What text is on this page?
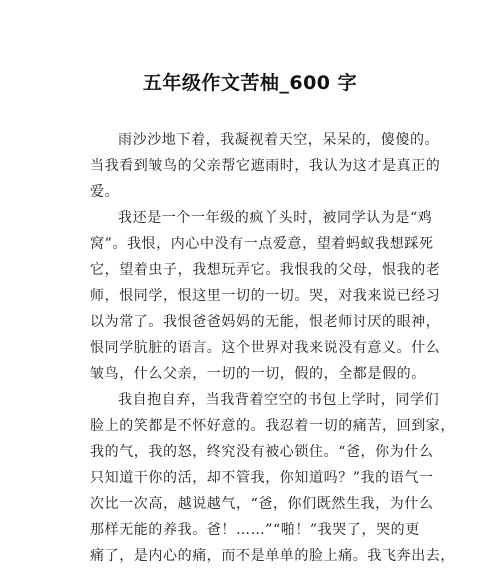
五年级作文苦柚_600 字
雨沙沙地下着，我凝视着天空，呆呆的，傻傻的。
当我看到皱鸟的父亲帮它遮雨时，我认为这才是真正的
爱。
我还是一个一年级的疯丫头时，被同学认为是“鸡
窝”。我恨，内心中没有一点爱意，望着蚂蚁我想踩死
它，望着虫子，我想玩弄它。我恨我的父母，恨我的老
师，恨同学，恨这里一切的一切。哭，对我来说已经习
以为常了。我恨爸爸妈妈的无能，恨老师讨厌的眼神，
恨同学肮脏的语言。这个世界对我来说没有意义。什么
皱鸟，什么父亲，一切的一切，假的，全都是假的。
我自抱自弃，当我背着空空的书包上学时，同学们
脸上的笑都是不怀好意的。我忍着一切的痛苦，回到家，
我的气，我的怒，终究没有被心锁住。“爸，你为什么
只知道干你的活，却不管我，你知道吗？”我的语气一
次比一次高，越说越气，“爸，你们既然生我，为什么
那样无能的养我。爸！……”“啪！”我哭了，哭的更
痛了，是内心的痛，而不是单单的脸上痛。我飞奔出去，
